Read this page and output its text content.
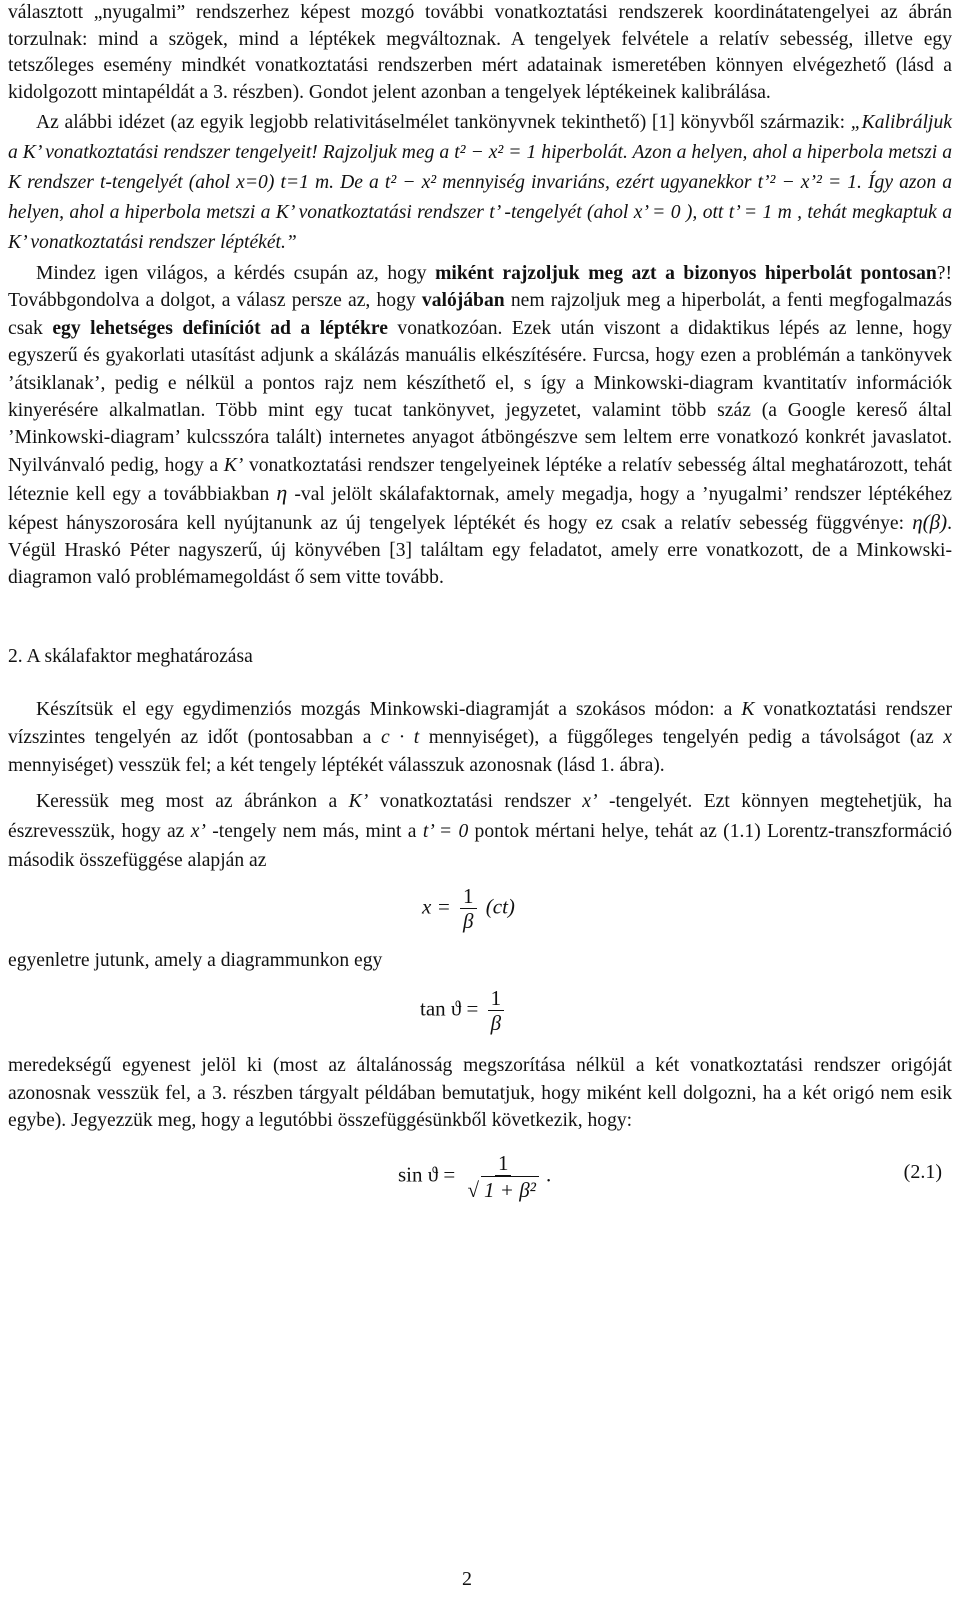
választott „nyugalmi” rendszerhez képest mozgó további vonatkoztatási rendszerek koordinátatengelyei az ábrán torzulnak: mind a szögek, mind a léptékek megváltoznak. A tengelyek felvétele a relatív sebesség, illetve egy tetszőleges esemény mindkét vonatkoztatási rendszerben mért adatainak ismeretében könnyen elvégezhető (lásd a kidolgozott mintapéldát a 3. részben). Gondot jelent azonban a tengelyek léptékeinek kalibrálása.

Az alábbi idézet (az egyik legjobb relativitáselmélet tankönyvnek tekinthető) [1] könyvből származik: „Kalibráljuk a K’ vonatkoztatási rendszer tengelyeit! Rajzoljuk meg a t² − x² = 1 hiperbolát. Azon a helyen, ahol a hiperbola metszi a K rendszer t-tengelyét (ahol x=0) t=1 m. De a t² − x² mennyiség invariáns, ezért ugyanekkor t’² − x’² = 1. Így azon a helyen, ahol a hiperbola metszi a K’ vonatkoztatási rendszer t’ -tengelyét (ahol x’ = 0 ), ott t’ = 1 m , tehát megkaptuk a K’ vonatkoztatási rendszer léptékét.”

Mindez igen világos, a kérdés csupán az, hogy miként rajzoljuk meg azt a bizonyos hiperbolát pontosan?! Továbbgondolva a dolgot, a válasz persze az, hogy valójában nem rajzoljuk meg a hiperbolát, a fenti megfogalmazás csak egy lehetséges definíciót ad a léptékre vonatkozóan. Ezek után viszont a didaktikus lépés az lenne, hogy egyszerű és gyakorlati utasítást adjunk a skálázás manuális elkészítésére. Furcsa, hogy ezen a problémán a tankönyvek ’átsiklanak’, pedig e nélkül a pontos rajz nem készíthető el, s így a Minkowski-diagram kvantitatív információk kinyerésére alkalmatlan. Több mint egy tucat tankönyvet, jegyzetet, valamint több száz (a Google kereső által ’Minkowski-diagram’ kulcsszóra talált) internetes anyagot átböngészve sem leltem erre vonatkozó konkrét javaslatot. Nyilvánvaló pedig, hogy a K’ vonatkoztatási rendszer tengelyeinek léptéke a relatív sebesség által meghatározott, tehát léteznie kell egy a továbbiakban η -val jelölt skálafaktornak, amely megadja, hogy a ’nyugalmi’ rendszer léptékéhez képest hányszorosára kell nyújtanunk az új tengelyek léptékét és hogy ez csak a relatív sebesség függvénye: η(β). Végül Hraskó Péter nagyszerű, új könyvében [3] találtam egy feladatot, amely erre vonatkozott, de a Minkowski-diagramon való problémamegoldást ő sem vitte tovább.

2. A skálafaktor meghatározása

Készítsük el egy egydimenziós mozgás Minkowski-diagramját a szokásos módon: a K vonatkoztatási rendszer vízszintes tengelyén az időt (pontosabban a c · t mennyiséget), a függőleges tengelyén pedig a távolságot (az x mennyiséget) vesszük fel; a két tengely léptékét válasszuk azonosnak (lásd 1. ábra).

Keressük meg most az ábránkon a K’ vonatkoztatási rendszer x’ -tengelyét. Ezt könnyen megtehetjük, ha észrevesszük, hogy az x’ -tengely nem más, mint a t’ = 0 pontok mértani helye, tehát az (1.1) Lorentz-transzformáció második összefüggése alapján az

$x = \frac{1}{\beta} (ct)$

egyenletre jutunk, amely a diagrammunkon egy

$\tan ϑ = \frac{1}{\beta}$

meredekségű egyenest jelöl ki (most az általánosság megszorítása nélkül a két vonatkoztatási rendszer origóját azonosnak vesszük fel, a 3. részben tárgyalt példában bemutatjuk, hogy miként kell dolgozni, ha a két origó nem esik egybe). Jegyezzük meg, hogy a legutóbbi összefüggésünkből következik, hogy:

$\sin ϑ = \frac{1}{\text{√ 1 + β²}}$ .	(2.1)
2
